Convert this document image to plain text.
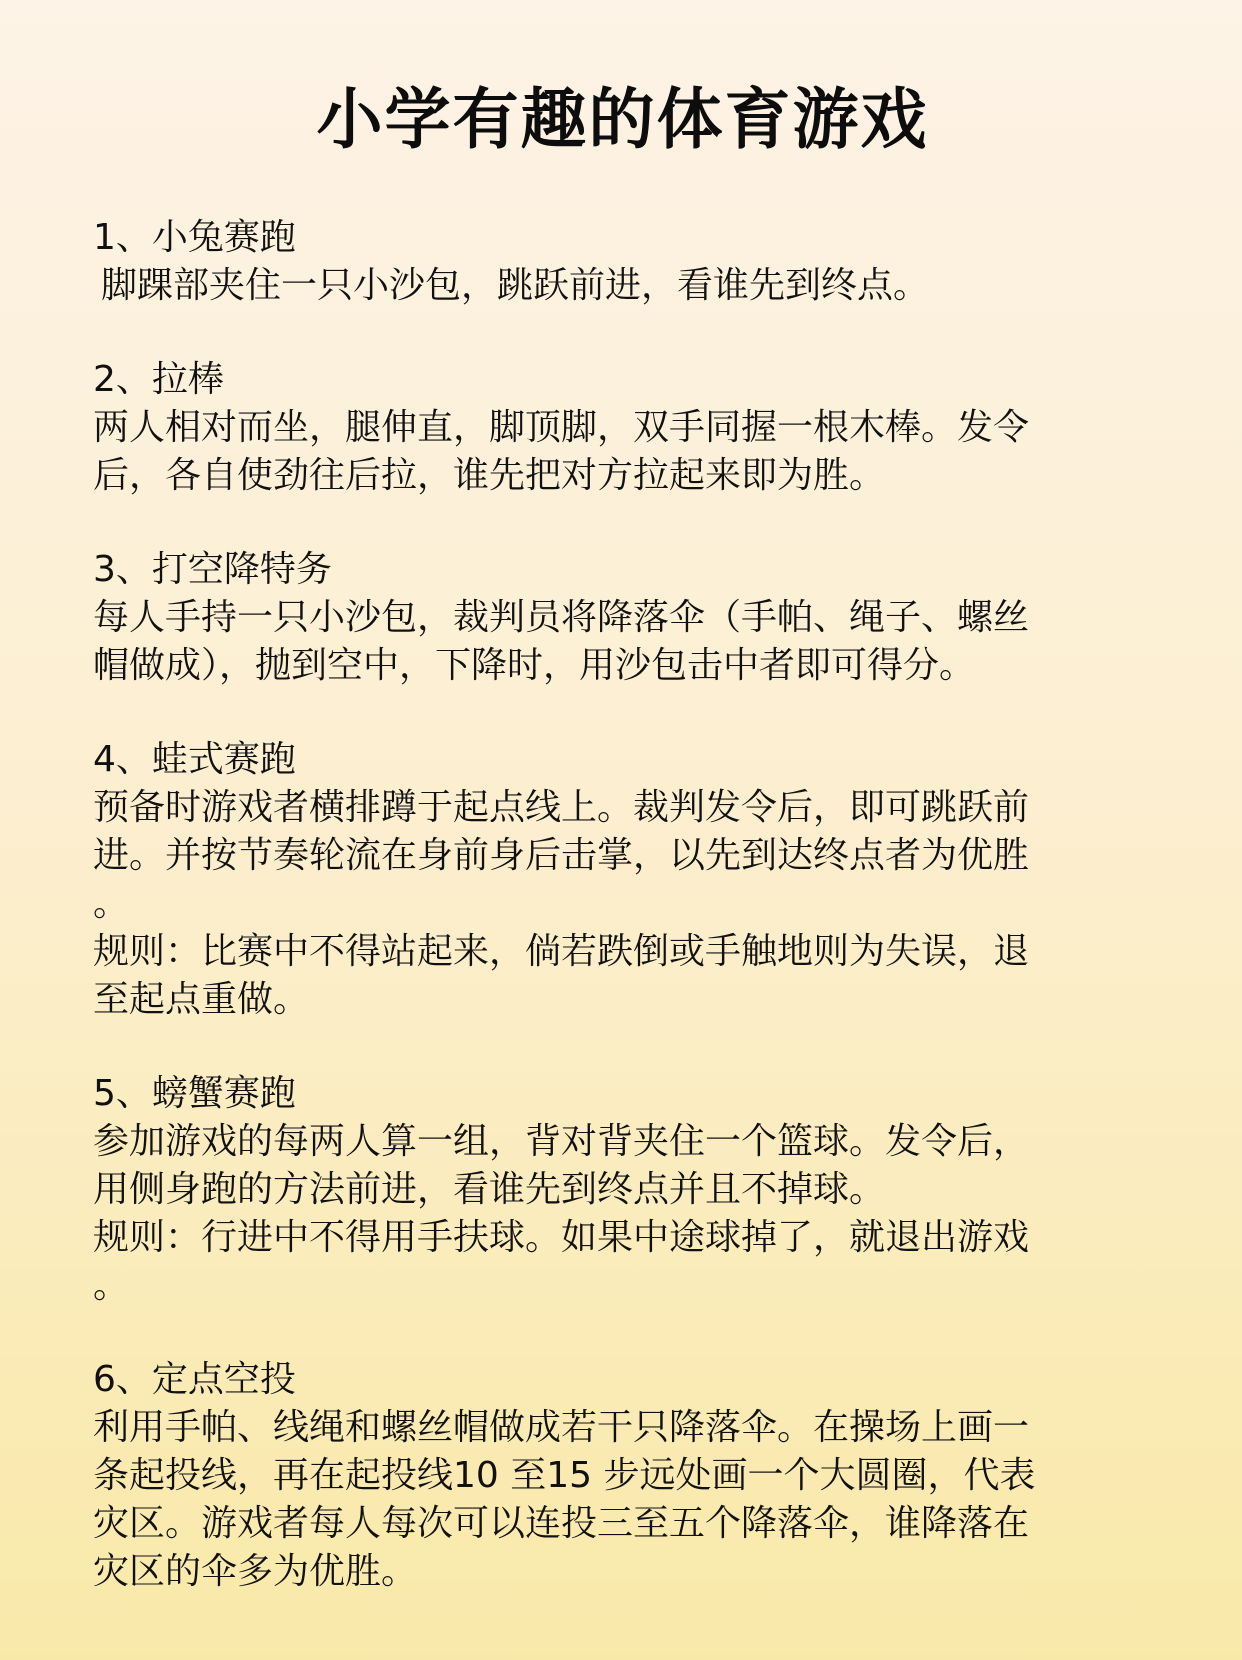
小学有趣的体育游戏

1、小兔赛跑

脚踝部夹住一只小沙包，跳跃前进，看谁先到终点。

2、拉棒

两人相对而坐，腿伸直，脚顶脚，双手同握一根木棒。发令

后，各自使劲往后拉，谁先把对方拉起来即为胜。

3、打空降特务

每人手持一只小沙包，裁判员将降落伞（手帕、绳子、螺丝

帽做成），抛到空中，下降时，用沙包击中者即可得分。

4、蛙式赛跑

预备时游戏者横排蹲于起点线上。裁判发令后，即可跳跃前

进。并按节奏轮流在身前身后击掌，以先到达终点者为优胜

。

规则：比赛中不得站起来，倘若跌倒或手触地则为失误，退

至起点重做。

5、螃蟹赛跑

参加游戏的每两人算一组，背对背夹住一个篮球。发令后，

用侧身跑的方法前进，看谁先到终点并且不掉球。

规则：行进中不得用手扶球。如果中途球掉了，就退出游戏

。

6、定点空投

利用手帕、线绳和螺丝帽做成若干只降落伞。在操场上画一

条起投线，再在起投线10 至15 步远处画一个大圆圈，代表

灾区。游戏者每人每次可以连投三至五个降落伞，谁降落在

灾区的伞多为优胜。
